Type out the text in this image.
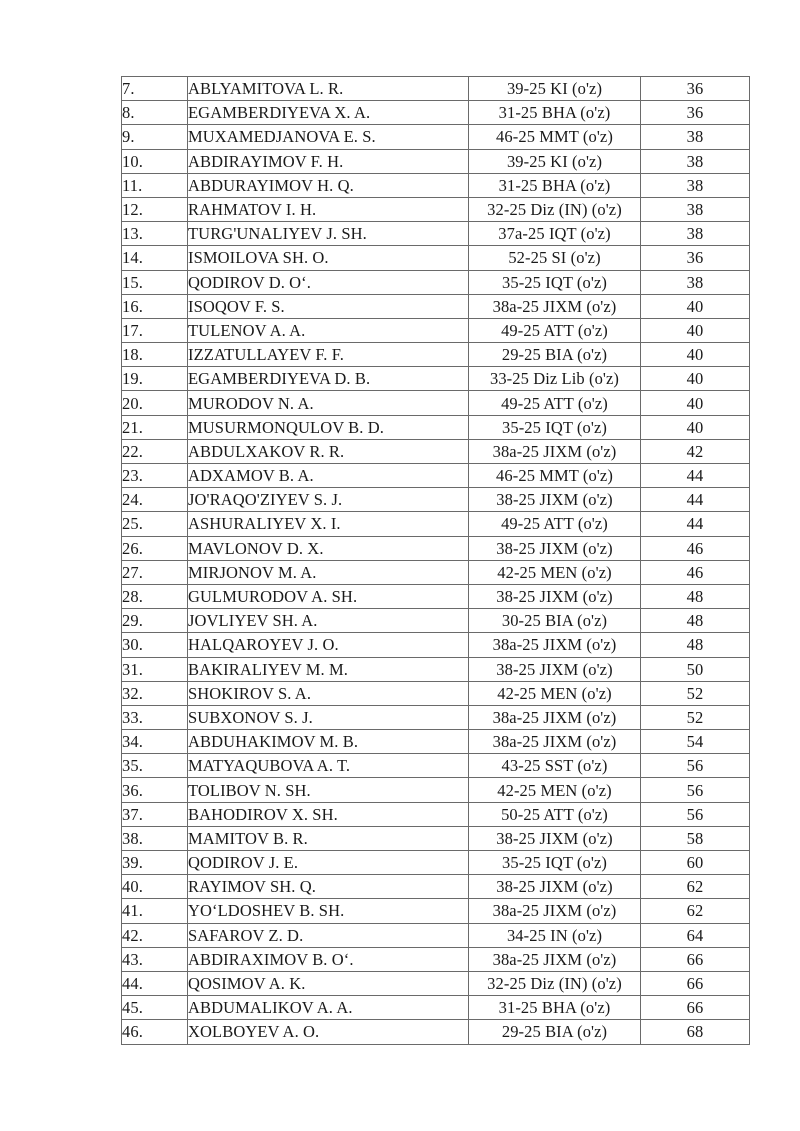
7.	ABLYAMITOVA L. R.	39-25 KI (o'z)	36
8.	EGAMBERDIYEVA X. A.	31-25 BHA (o'z)	36
9.	MUXAMEDJANOVA E. S.	46-25 MMT (o'z)	38
10.	ABDIRAYIMOV F. H.	39-25 KI (o'z)	38
11.	ABDURAYIMOV H. Q.	31-25 BHA (o'z)	38
12.	RAHMATOV I. H.	32-25 Diz (IN) (o'z)	38
13.	TURG'UNALIYEV J. SH.	37a-25 IQT (o'z)	38
14.	ISMOILOVA SH. O.	52-25 SI (o'z)	36
15.	QODIROV D. O‘.	35-25 IQT (o'z)	38
16.	ISOQOV F. S.	38a-25 JIXM (o'z)	40
17.	TULENOV A. A.	49-25 ATT (o'z)	40
18.	IZZATULLAYEV F. F.	29-25 BIA (o'z)	40
19.	EGAMBERDIYEVA D. B.	33-25 Diz Lib (o'z)	40
20.	MURODOV N. A.	49-25 ATT (o'z)	40
21.	MUSURMONQULOV B. D.	35-25 IQT (o'z)	40
22.	ABDULXAKOV R. R.	38a-25 JIXM (o'z)	42
23.	ADXAMOV B. A.	46-25 MMT (o'z)	44
24.	JO'RAQO'ZIYEV S. J.	38-25 JIXM (o'z)	44
25.	ASHURALIYEV X. I.	49-25 ATT (o'z)	44
26.	MAVLONOV D. X.	38-25 JIXM (o'z)	46
27.	MIRJONOV M. A.	42-25 MEN (o'z)	46
28.	GULMURODOV A. SH.	38-25 JIXM (o'z)	48
29.	JOVLIYEV SH. A.	30-25 BIA (o'z)	48
30.	HALQAROYEV J. O.	38a-25 JIXM (o'z)	48
31.	BAKIRALIYEV M. M.	38-25 JIXM (o'z)	50
32.	SHOKIROV S. A.	42-25 MEN (o'z)	52
33.	SUBXONOV S. J.	38a-25 JIXM (o'z)	52
34.	ABDUHAKIMOV M. B.	38a-25 JIXM (o'z)	54
35.	MATYAQUBOVA A. T.	43-25 SST (o'z)	56
36.	TOLIBOV N. SH.	42-25 MEN (o'z)	56
37.	BAHODIROV X. SH.	50-25 ATT (o'z)	56
38.	MAMITOV B. R.	38-25 JIXM (o'z)	58
39.	QODIROV J. E.	35-25 IQT (o'z)	60
40.	RAYIMOV SH. Q.	38-25 JIXM (o'z)	62
41.	YO‘LDOSHEV B. SH.	38a-25 JIXM (o'z)	62
42.	SAFAROV Z. D.	34-25 IN (o'z)	64
43.	ABDIRAXIMOV B. O‘.	38a-25 JIXM (o'z)	66
44.	QOSIMOV A. K.	32-25 Diz (IN) (o'z)	66
45.	ABDUMALIKOV A. A.	31-25 BHA (o'z)	66
46.	XOLBOYEV A. O.	29-25 BIA (o'z)	68
